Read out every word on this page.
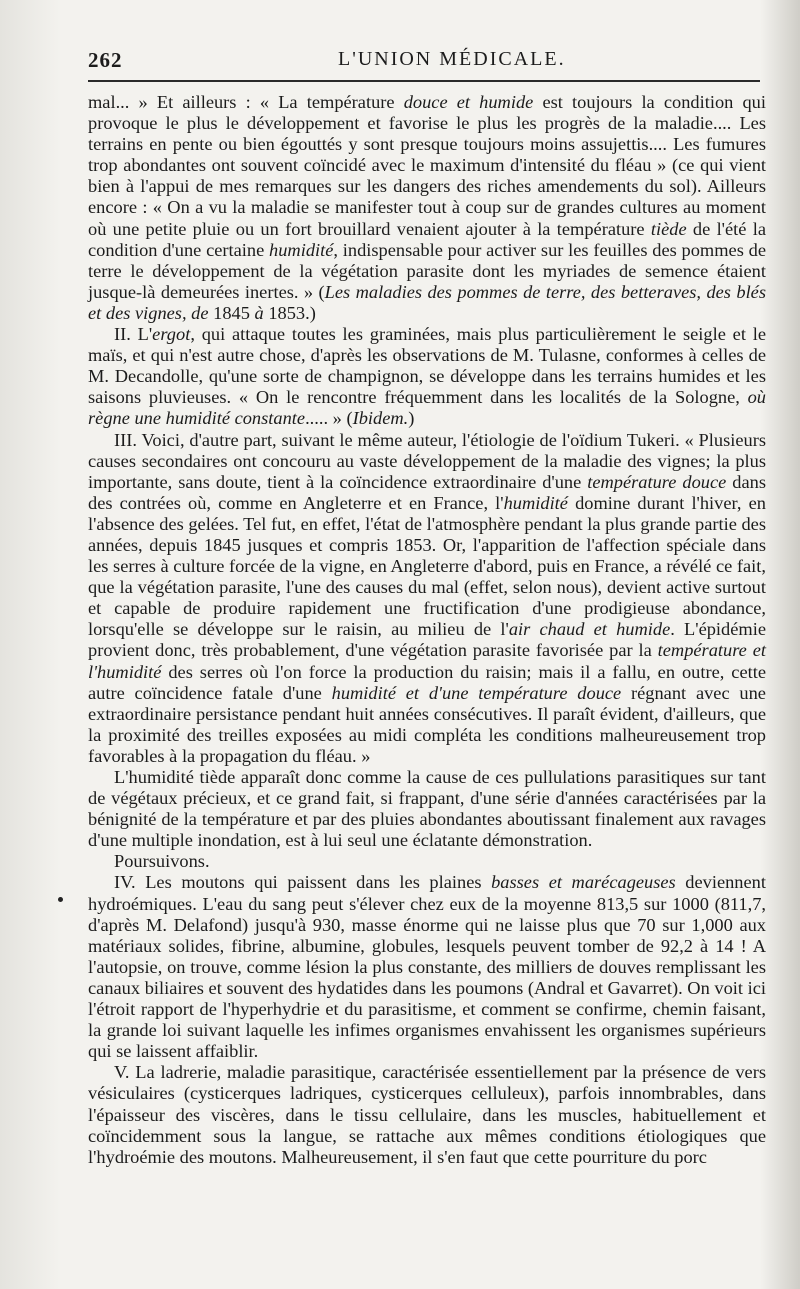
262	L'UNION MÉDICALE.

mal... » Et ailleurs : « La température douce et humide est toujours la condition qui provoque le plus le développement et favorise le plus les progrès de la maladie.... Les terrains en pente ou bien égouttés y sont presque toujours moins assujettis.... Les fumures trop abondantes ont souvent coïncidé avec le maximum d'intensité du fléau » (ce qui vient bien à l'appui de mes remarques sur les dangers des riches amendements du sol). Ailleurs encore : « On a vu la maladie se manifester tout à coup sur de grandes cultures au moment où une petite pluie ou un fort brouillard venaient ajouter à la température tiède de l'été la condition d'une certaine humidité, indispensable pour activer sur les feuilles des pommes de terre le développement de la végétation parasite dont les myriades de semence étaient jusque-là demeurées inertes. » (Les maladies des pommes de terre, des betteraves, des blés et des vignes, de 1845 à 1853.)

II. L'ergot, qui attaque toutes les graminées, mais plus particulièrement le seigle et le maïs, et qui n'est autre chose, d'après les observations de M. Tulasne, conformes à celles de M. Decandolle, qu'une sorte de champignon, se développe dans les terrains humides et les saisons pluvieuses. « On le rencontre fréquemment dans les localités de la Sologne, où règne une humidité constante..... » (Ibidem.)

III. Voici, d'autre part, suivant le même auteur, l'étiologie de l'oïdium Tukeri. « Plusieurs causes secondaires ont concouru au vaste développement de la maladie des vignes; la plus importante, sans doute, tient à la coïncidence extraordinaire d'une température douce dans des contrées où, comme en Angleterre et en France, l'humidité domine durant l'hiver, en l'absence des gelées. Tel fut, en effet, l'état de l'atmosphère pendant la plus grande partie des années, depuis 1845 jusques et compris 1853. Or, l'apparition de l'affection spéciale dans les serres à culture forcée de la vigne, en Angleterre d'abord, puis en France, a révélé ce fait, que la végétation parasite, l'une des causes du mal (effet, selon nous), devient active surtout et capable de produire rapidement une fructification d'une prodigieuse abondance, lorsqu'elle se développe sur le raisin, au milieu de l'air chaud et humide. L'épidémie provient donc, très probablement, d'une végétation parasite favorisée par la température et l'humidité des serres où l'on force la production du raisin; mais il a fallu, en outre, cette autre coïncidence fatale d'une humidité et d'une température douce régnant avec une extraordinaire persistance pendant huit années consécutives. Il paraît évident, d'ailleurs, que la proximité des treilles exposées au midi compléta les conditions malheureusement trop favorables à la propagation du fléau. »

L'humidité tiède apparaît donc comme la cause de ces pullulations parasitiques sur tant de végétaux précieux, et ce grand fait, si frappant, d'une série d'années caractérisées par la bénignité de la température et par des pluies abondantes aboutissant finalement aux ravages d'une multiple inondation, est à lui seul une éclatante démonstration.

Poursuivons.

IV. Les moutons qui paissent dans les plaines basses et marécageuses deviennent hydroémiques. L'eau du sang peut s'élever chez eux de la moyenne 813,5 sur 1000 (811,7, d'après M. Delafond) jusqu'à 930, masse énorme qui ne laisse plus que 70 sur 1,000 aux matériaux solides, fibrine, albumine, globules, lesquels peuvent tomber de 92,2 à 14 ! A l'autopsie, on trouve, comme lésion la plus constante, des milliers de douves remplissant les canaux biliaires et souvent des hydatides dans les poumons (Andral et Gavarret). On voit ici l'étroit rapport de l'hyperhydrie et du parasitisme, et comment se confirme, chemin faisant, la grande loi suivant laquelle les infimes organismes envahissent les organismes supérieurs qui se laissent affaiblir.

V. La ladrerie, maladie parasitique, caractérisée essentiellement par la présence de vers vésiculaires (cysticerques ladriques, cysticerques celluleux), parfois innombrables, dans l'épaisseur des viscères, dans le tissu cellulaire, dans les muscles, habituellement et coïncidemment sous la langue, se rattache aux mêmes conditions étiologiques que l'hydroémie des moutons. Malheureusement, il s'en faut que cette pourriture du porc
